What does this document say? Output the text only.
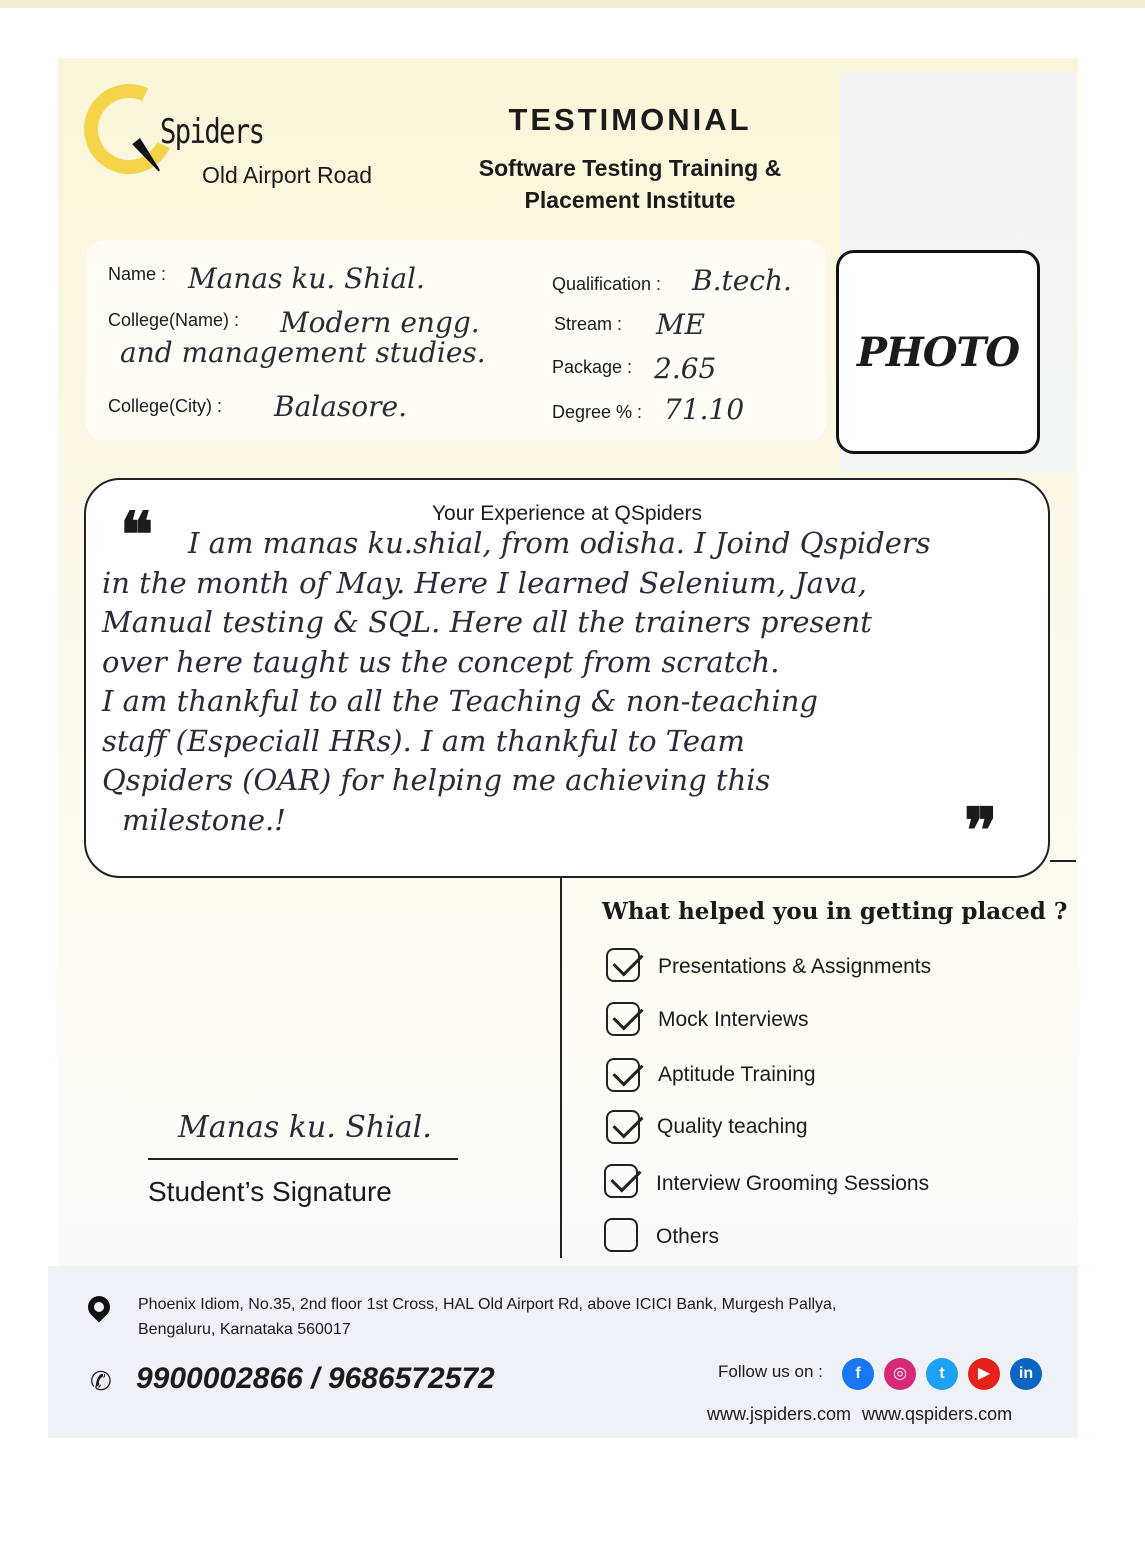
Spiders
Old Airport Road
TESTIMONIAL
Software Testing Training &
Placement Institute
Name : Manas ku. Shial.
College(Name) : Modern engg.
and management studies.
College(City) : Balasore.
Qualification : B.tech.
Stream : ME
Package : 2.65
Degree % : 71.10
PHOTO
Your Experience at QSpiders
❝	I am manas ku.shial, from odisha. I Joind Qspiders
in the month of May. Here I learned Selenium, Java,
Manual testing & SQL. Here all the trainers present
over here taught us the concept from scratch.
I am thankful to all the Teaching & non-teaching
staff (Especiall HRs). I am thankful to Team
Qspiders (OAR) for helping me achieving this
milestone.!	❞
What helped you in getting placed ?
Presentations & Assignments
Mock Interviews
Aptitude Training
Quality teaching
Interview Grooming Sessions
Others
Manas ku. Shial.
Student’s Signature
Phoenix Idiom, No.35, 2nd floor 1st Cross, HAL Old Airport Rd, above ICICI Bank, Murgesh Pallya,
Bengaluru, Karnataka 560017
✆ 9900002866 / 9686572572	Follow us on :	f	◎	t	▶	in
www.jspiders.com www.qspiders.com
